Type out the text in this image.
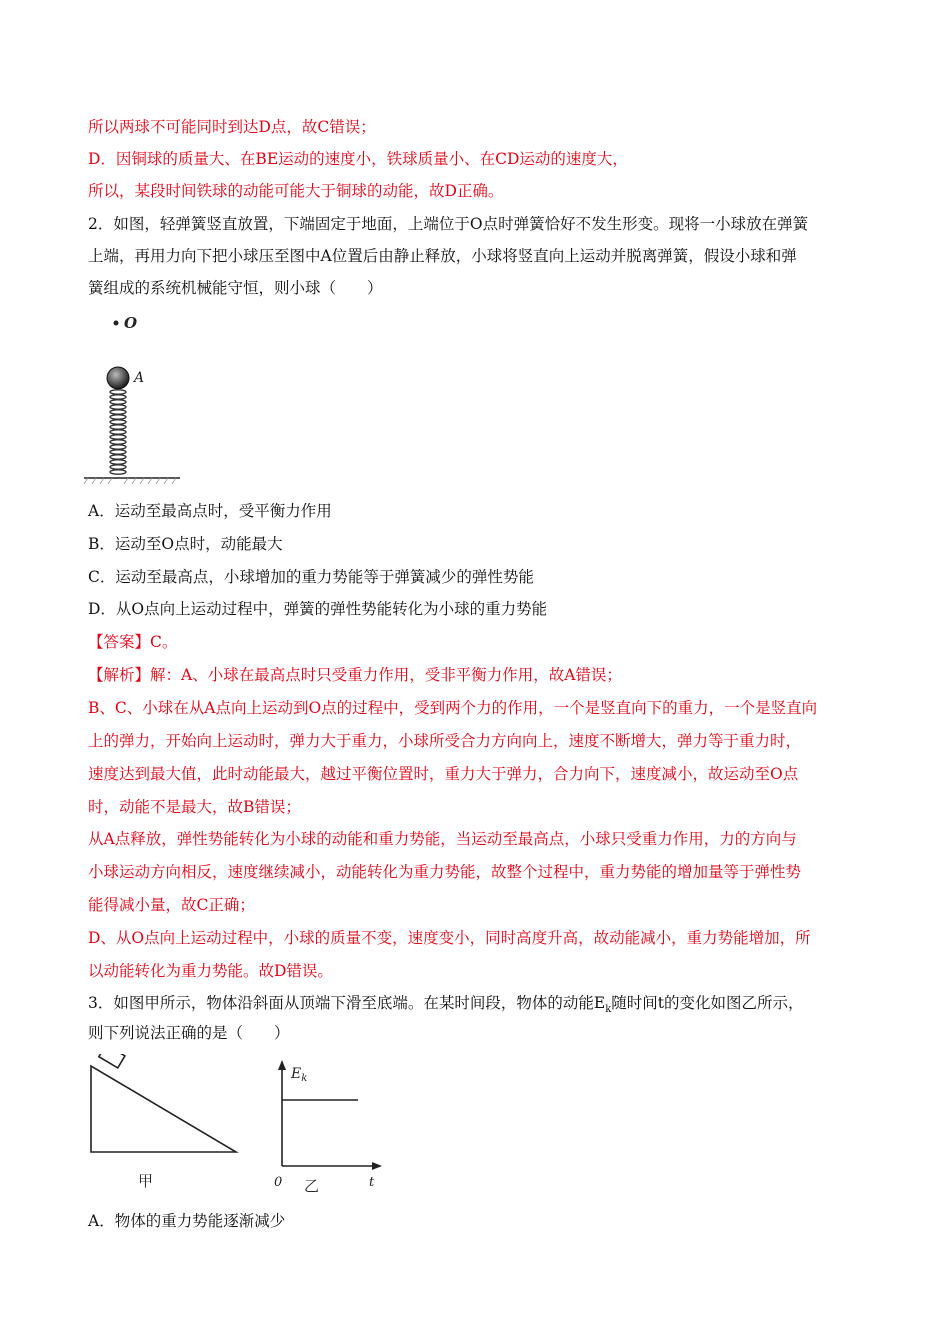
所以两球不可能同时到达D点，故C错误；
D．因铜球的质量大、在BE运动的速度小，铁球质量小、在CD运动的速度大，
所以，某段时间铁球的动能可能大于铜球的动能，故D正确。
2．如图，轻弹簧竖直放置，下端固定于地面，上端位于O点时弹簧恰好不发生形变。现将一小球放在弹簧
上端，再用力向下把小球压至图中A位置后由静止释放，小球将竖直向上运动并脱离弹簧，假设小球和弹
簧组成的系统机械能守恒，则小球（　　）
O
A
A．运动至最高点时，受平衡力作用
B．运动至O点时，动能最大
C．运动至最高点，小球增加的重力势能等于弹簧减少的弹性势能
D．从O点向上运动过程中，弹簧的弹性势能转化为小球的重力势能
【答案】C。
【解析】解：A、小球在最高点时只受重力作用，受非平衡力作用，故A错误；
B、C、小球在从A点向上运动到O点的过程中，受到两个力的作用，一个是竖直向下的重力，一个是竖直向
上的弹力，开始向上运动时，弹力大于重力，小球所受合力方向向上，速度不断增大，弹力等于重力时，
速度达到最大值，此时动能最大，越过平衡位置时，重力大于弹力，合力向下，速度减小，故运动至O点
时，动能不是最大，故B错误；
从A点释放，弹性势能转化为小球的动能和重力势能，当运动至最高点，小球只受重力作用，力的方向与
小球运动方向相反，速度继续减小，动能转化为重力势能，故整个过程中，重力势能的增加量等于弹性势
能得减小量，故C正确；
D、从O点向上运动过程中，小球的质量不变，速度变小，同时高度升高，故动能减小，重力势能增加，所
以动能转化为重力势能。故D错误。
3．如图甲所示，物体沿斜面从顶端下滑至底端。在某时间段，物体的动能$E_k$随时间t的变化如图乙所示，
则下列说法正确的是（　　）
甲
$E_k$
0	t
乙
A．物体的重力势能逐渐减少
